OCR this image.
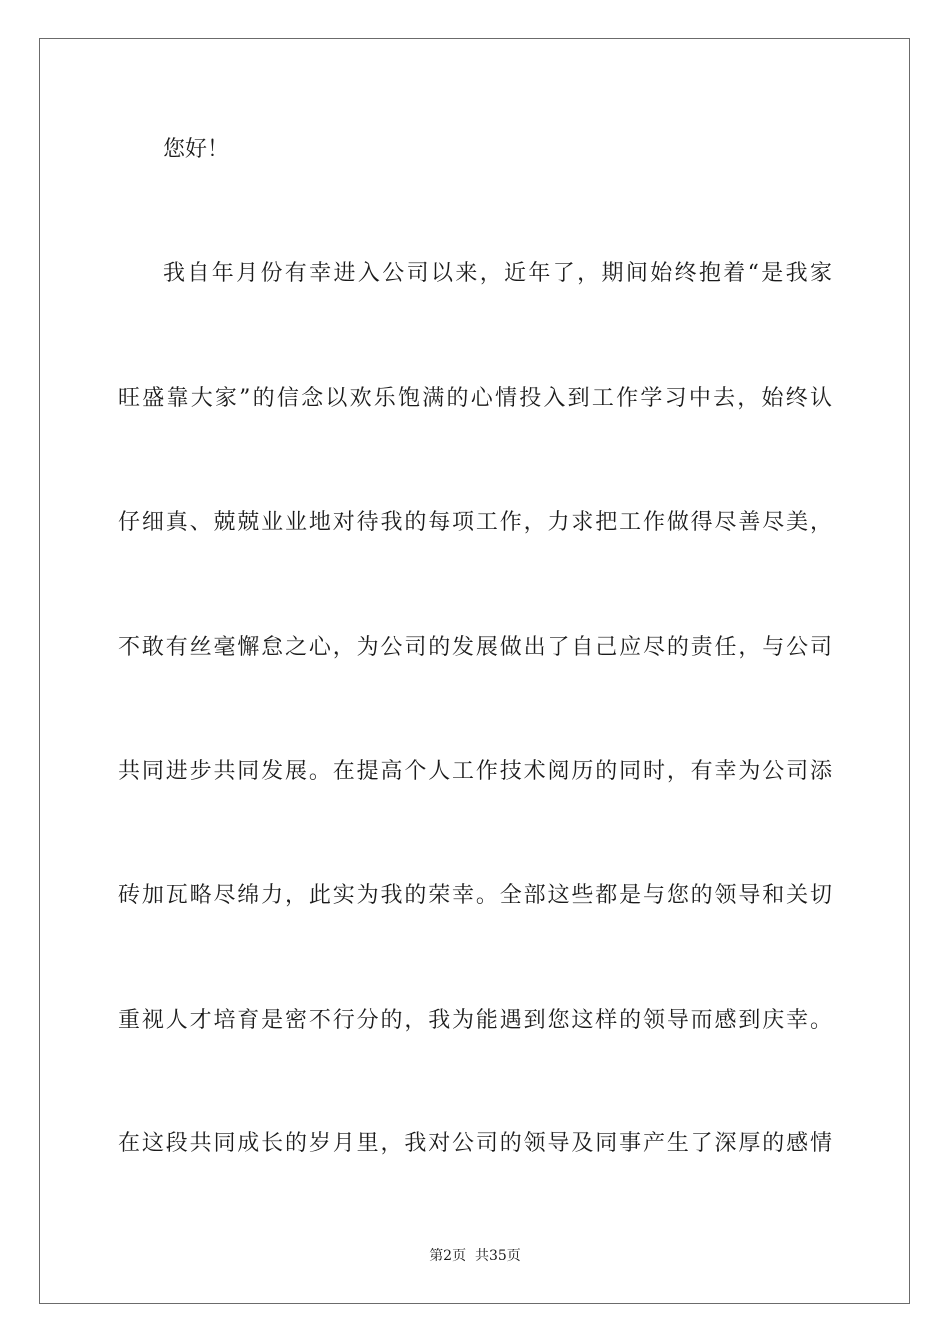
您好！
我自年月份有幸进入公司以来，近年了，期间始终抱着“是我家
旺盛靠大家”的信念以欢乐饱满的心情投入到工作学习中去，始终认
仔细真、兢兢业业地对待我的每项工作，力求把工作做得尽善尽美，
不敢有丝毫懈怠之心，为公司的发展做出了自己应尽的责任，与公司
共同进步共同发展。在提高个人工作技术阅历的同时，有幸为公司添
砖加瓦略尽绵力，此实为我的荣幸。全部这些都是与您的领导和关切
重视人才培育是密不行分的，我为能遇到您这样的领导而感到庆幸。
在这段共同成长的岁月里，我对公司的领导及同事产生了深厚的感情
第2页  共35页
